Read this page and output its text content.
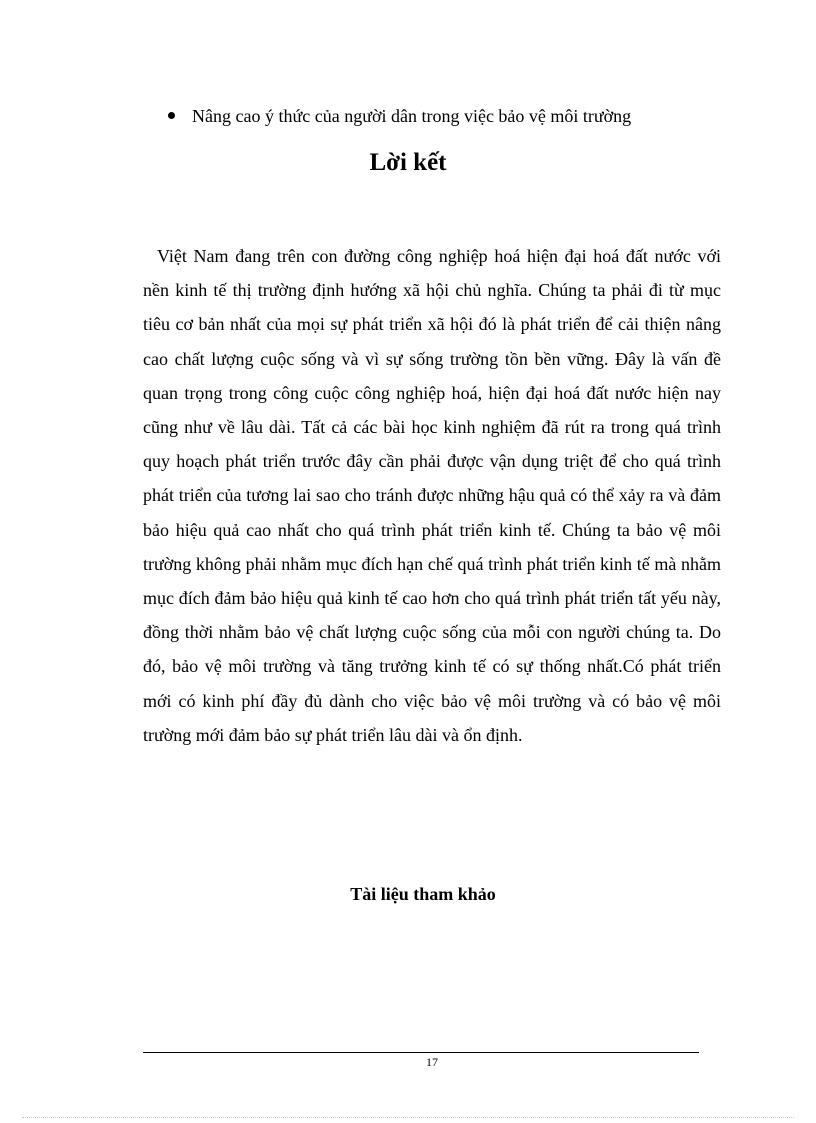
Nâng cao ý thức của người dân trong việc bảo vệ môi trường
Lời kết

Việt Nam đang trên con đường công nghiệp hoá hiện đại hoá đất nước với nền kinh tế thị trường định hướng xã hội chủ nghĩa. Chúng ta phải đi từ mục tiêu cơ bản nhất của mọi sự phát triển xã hội đó là phát triển để cải thiện nâng cao chất lượng cuộc sống và vì sự sống trường tồn bền vững. Đây là vấn đề quan trọng trong công cuộc công nghiệp hoá, hiện đại hoá đất nước hiện nay cũng như về lâu dài. Tất cả các bài học kinh nghiệm đã rút ra trong quá trình quy hoạch phát triển trước đây cần phải được vận dụng triệt để cho quá trình phát triển của tương lai sao cho tránh được những hậu quả có thể xảy ra và đảm bảo hiệu quả cao nhất cho quá trình phát triển kinh tế. Chúng ta bảo vệ môi trường không phải nhằm mục đích hạn chế quá trình phát triển kinh tế mà nhằm mục đích đảm bảo hiệu quả kinh tế cao hơn cho quá trình phát triển tất yếu này, đồng thời nhằm bảo vệ chất lượng cuộc sống của mỗi con người chúng ta. Do đó, bảo vệ môi trường và tăng trưởng kinh tế có sự thống nhất.Có phát triển mới có kinh phí đầy đủ dành cho việc bảo vệ môi trường và có bảo vệ môi trường mới đảm bảo sự phát triển lâu dài và ổn định.

Tài liệu tham khảo
17
